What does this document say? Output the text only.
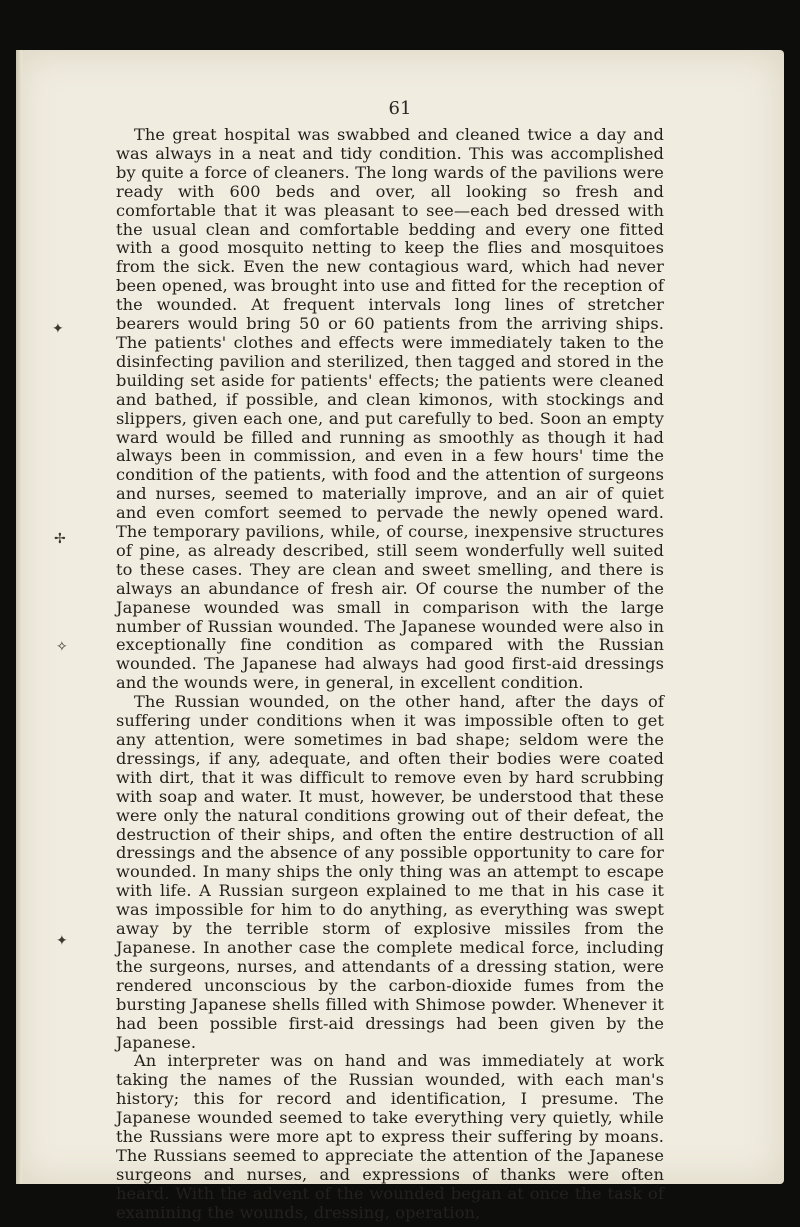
✦
✢
✧
✦
61

The great hospital was swabbed and cleaned twice a day and was always in a neat and tidy condition. This was accomplished by quite a force of cleaners. The long wards of the pavilions were ready with 600 beds and over, all looking so fresh and comfortable that it was pleasant to see—each bed dressed with the usual clean and comfortable bedding and every one fitted with a good mosquito netting to keep the flies and mosquitoes from the sick. Even the new contagious ward, which had never been opened, was brought into use and fitted for the reception of the wounded. At frequent intervals long lines of stretcher bearers would bring 50 or 60 patients from the arriving ships. The patients' clothes and effects were immediately taken to the disinfecting pavilion and sterilized, then tagged and stored in the building set aside for patients' effects; the patients were cleaned and bathed, if possible, and clean kimonos, with stockings and slippers, given each one, and put carefully to bed. Soon an empty ward would be filled and running as smoothly as though it had always been in commission, and even in a few hours' time the condition of the patients, with food and the attention of surgeons and nurses, seemed to materially improve, and an air of quiet and even comfort seemed to pervade the newly opened ward. The temporary pavilions, while, of course, inexpensive structures of pine, as already described, still seem wonderfully well suited to these cases. They are clean and sweet smelling, and there is always an abundance of fresh air. Of course the number of the Japanese wounded was small in comparison with the large number of Russian wounded. The Japanese wounded were also in exceptionally fine condition as compared with the Russian wounded. The Japanese had always had good first-aid dressings and the wounds were, in general, in excellent condition.

The Russian wounded, on the other hand, after the days of suffering under conditions when it was impossible often to get any attention, were sometimes in bad shape; seldom were the dressings, if any, adequate, and often their bodies were coated with dirt, that it was difficult to remove even by hard scrubbing with soap and water. It must, however, be understood that these were only the natural conditions growing out of their defeat, the destruction of their ships, and often the entire destruction of all dressings and the absence of any possible opportunity to care for wounded. In many ships the only thing was an attempt to escape with life. A Russian surgeon explained to me that in his case it was impossible for him to do anything, as everything was swept away by the terrible storm of explosive missiles from the Japanese. In another case the complete medical force, including the surgeons, nurses, and attendants of a dressing station, were rendered unconscious by the carbon-dioxide fumes from the bursting Japanese shells filled with Shimose powder. Whenever it had been possible first-aid dressings had been given by the Japanese.

An interpreter was on hand and was immediately at work taking the names of the Russian wounded, with each man's history; this for record and identification, I presume. The Japanese wounded seemed to take everything very quietly, while the Russians were more apt to express their suffering by moans. The Russians seemed to appreciate the attention of the Japanese surgeons and nurses, and expressions of thanks were often heard. With the advent of the wounded began at once the task of examining the wounds, dressing, operation,
